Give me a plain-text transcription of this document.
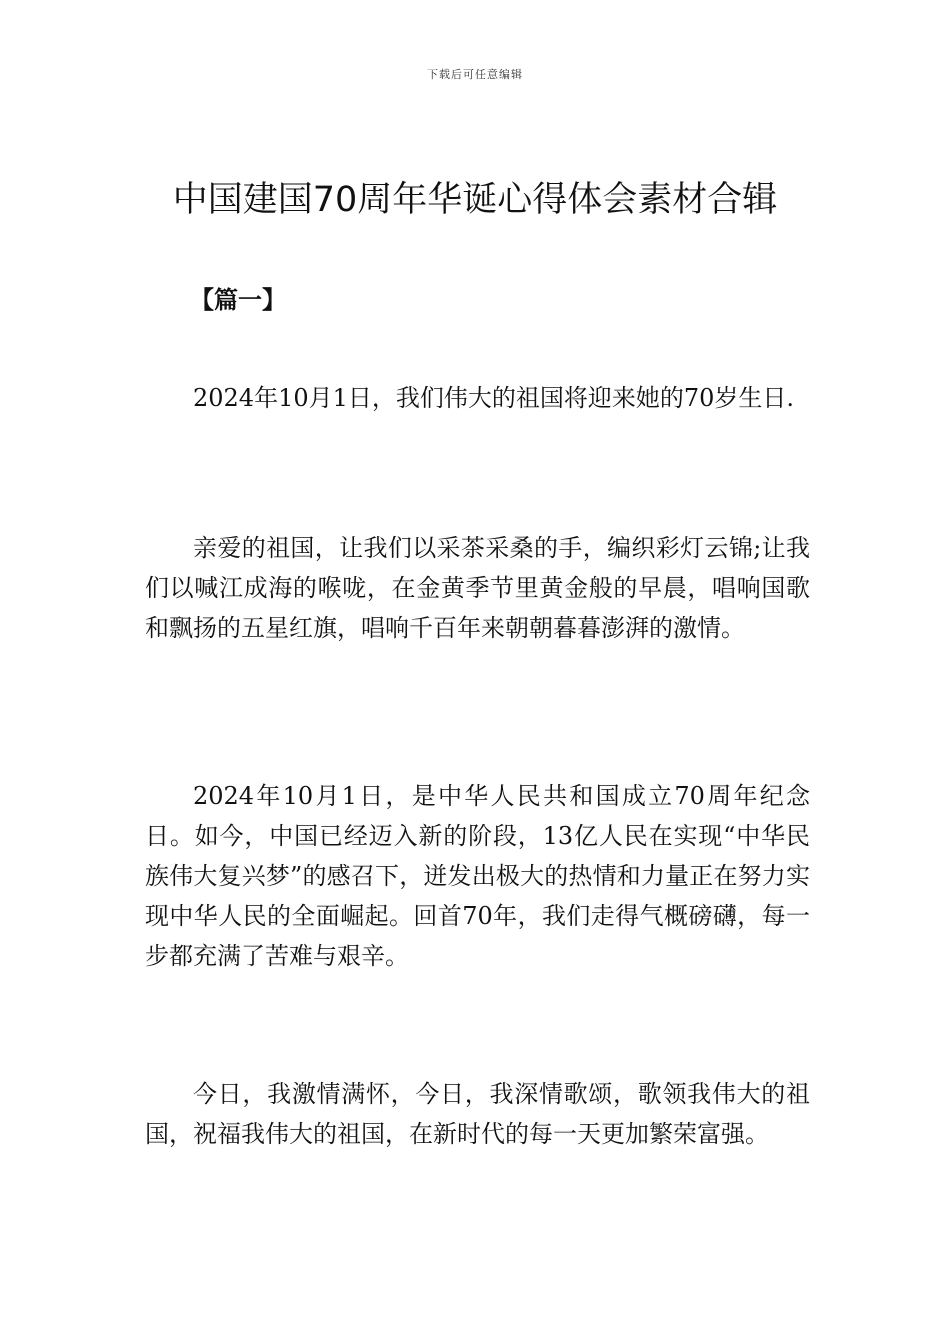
下载后可任意编辑
中国建国70周年华诞心得体会素材合辑
【篇一】

2024年10月1日，我们伟大的祖国将迎来她的70岁生日.

亲爱的祖国，让我们以采茶采桑的手，编织彩灯云锦;让我们以喊江成海的喉咙，在金黄季节里黄金般的早晨，唱响国歌和飘扬的五星红旗，唱响千百年来朝朝暮暮澎湃的激情。

2024年10月1日，是中华人民共和国成立70周年纪念日。如今，中国已经迈入新的阶段，13亿人民在实现“中华民族伟大复兴梦”的感召下，迸发出极大的热情和力量正在努力实现中华人民的全面崛起。回首70年，我们走得气概磅礴，每一步都充满了苦难与艰辛。

今日，我激情满怀，今日，我深情歌颂，歌领我伟大的祖国，祝福我伟大的祖国，在新时代的每一天更加繁荣富强。
